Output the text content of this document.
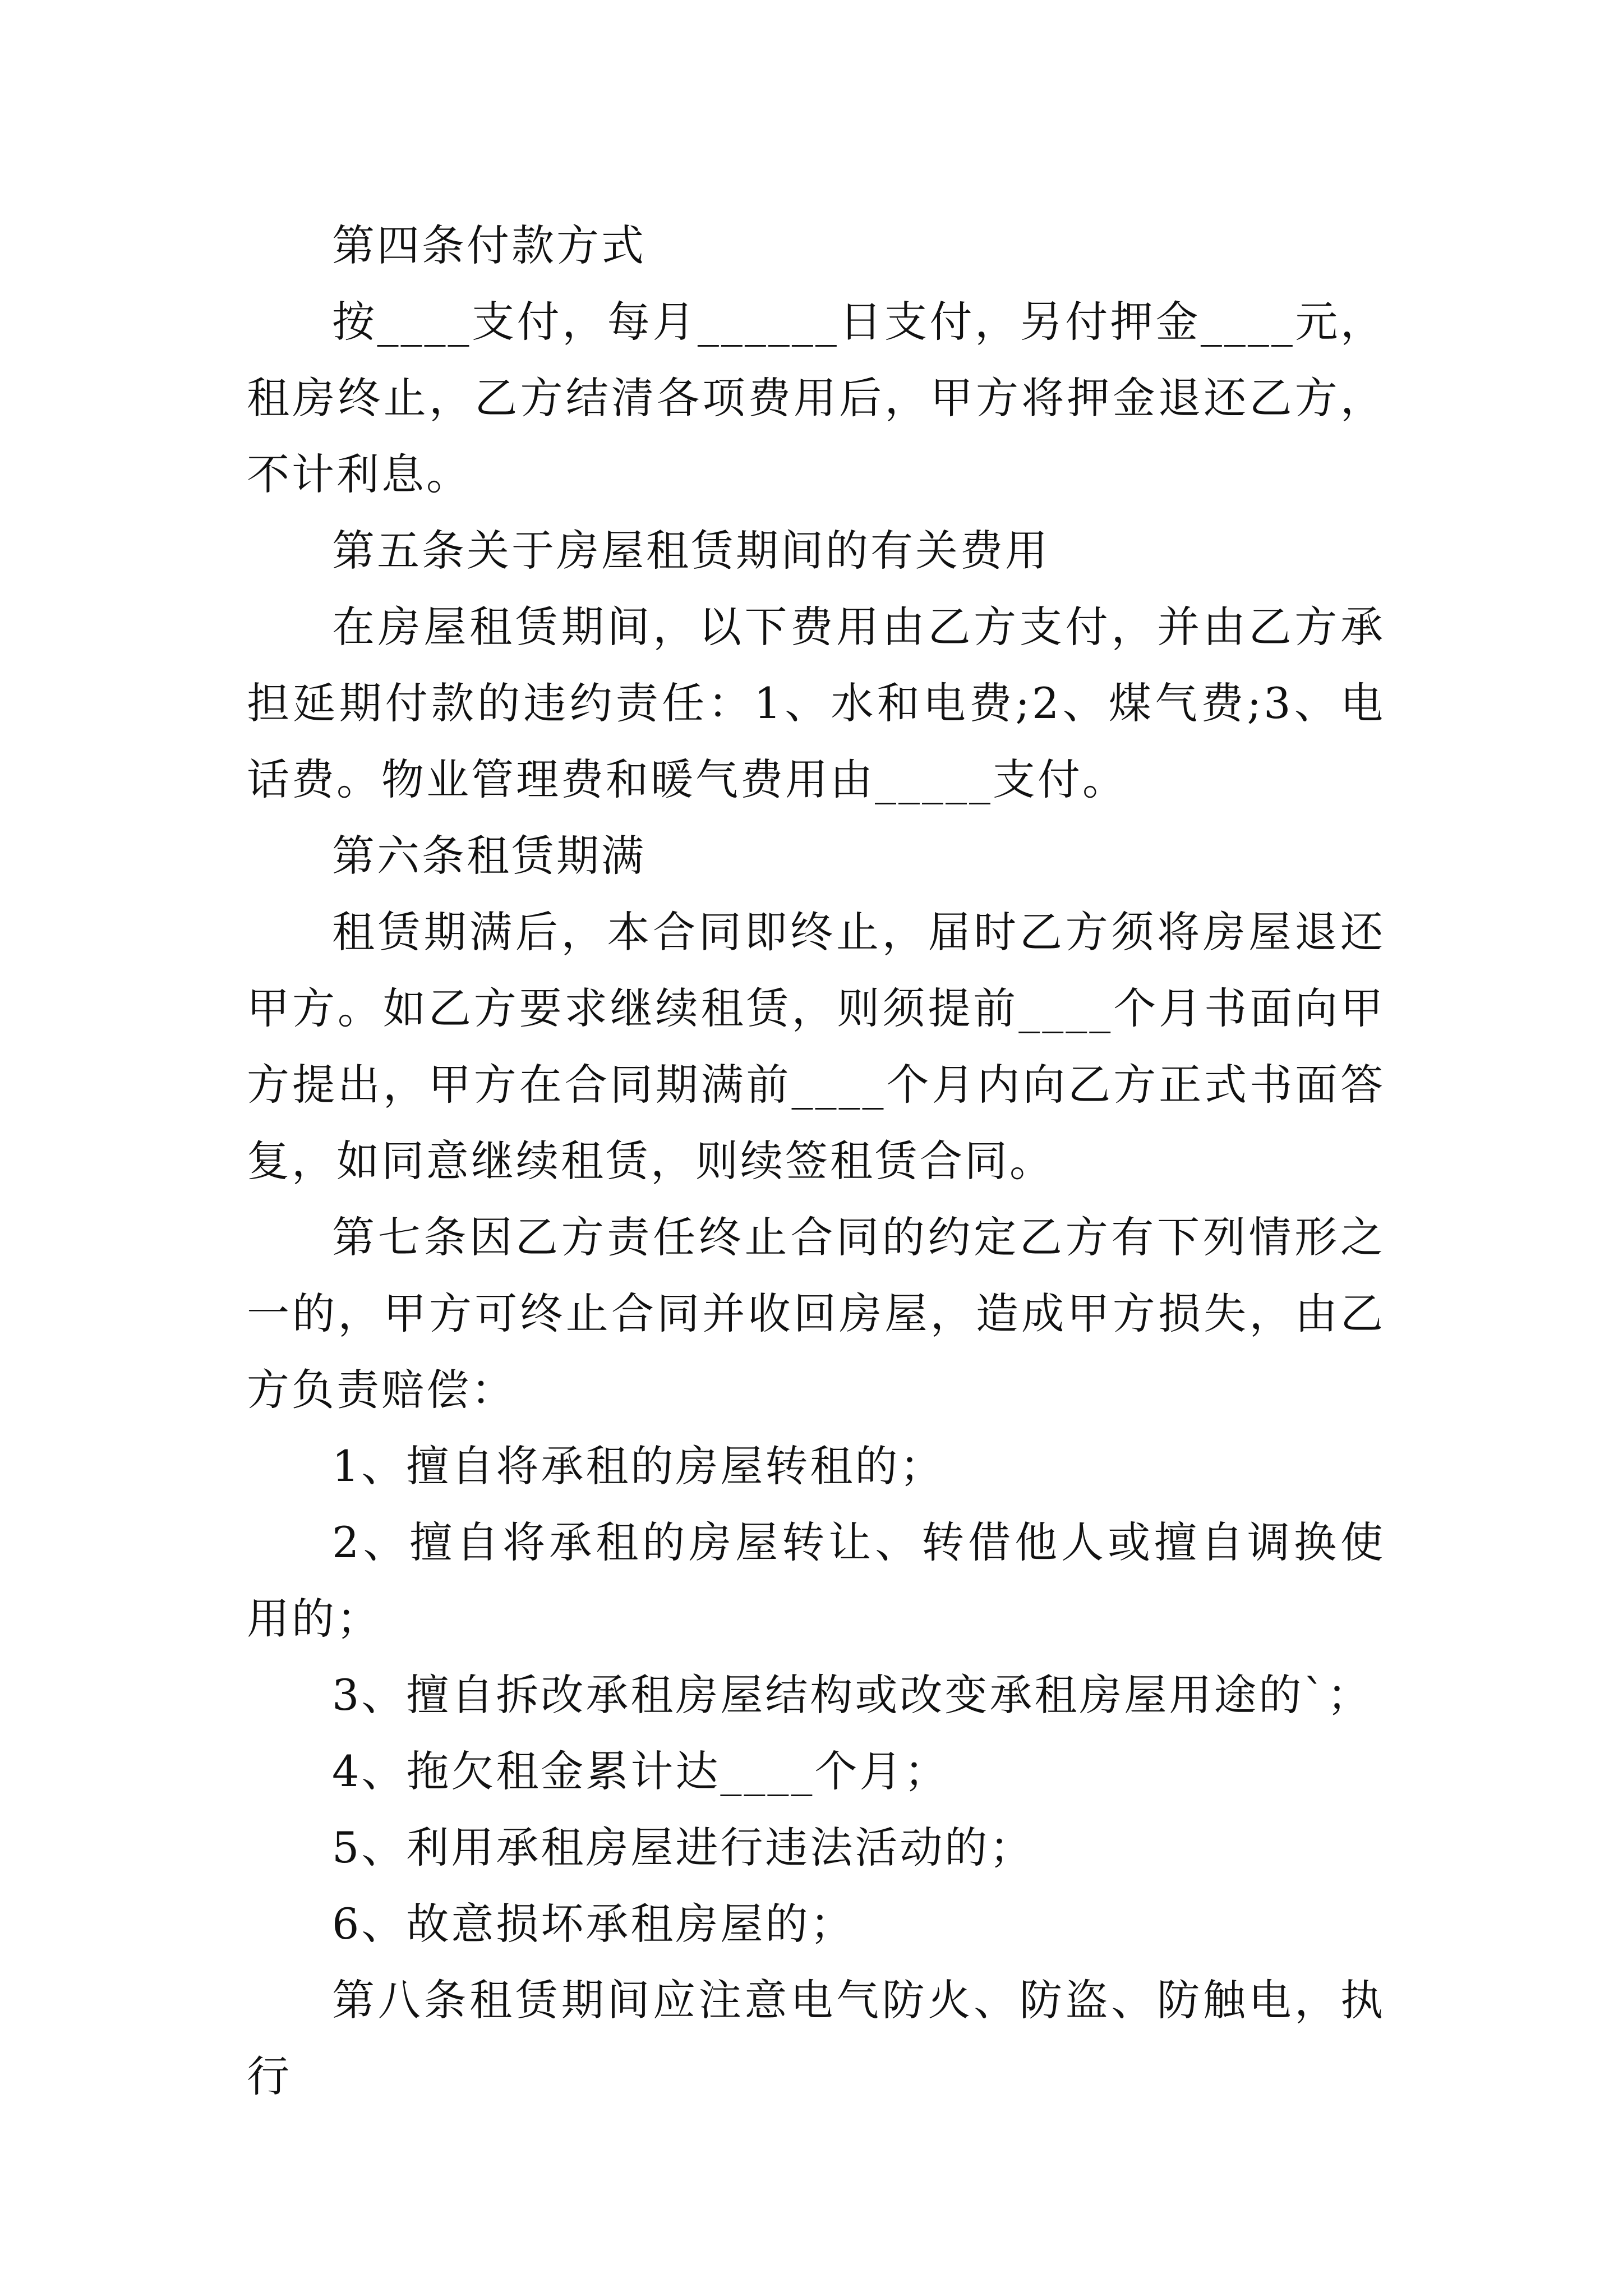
第四条付款方式

按____支付，每月______日支付，另付押金____元，租房终止，乙方结清各项费用后，甲方将押金退还乙方，不计利息。

第五条关于房屋租赁期间的有关费用

在房屋租赁期间，以下费用由乙方支付，并由乙方承担延期付款的违约责任：1、水和电费;2、煤气费;3、电话费。物业管理费和暖气费用由_____支付。

第六条租赁期满

租赁期满后，本合同即终止，届时乙方须将房屋退还甲方。如乙方要求继续租赁，则须提前____个月书面向甲方提出，甲方在合同期满前____个月内向乙方正式书面答复，如同意继续租赁，则续签租赁合同。

第七条因乙方责任终止合同的约定乙方有下列情形之一的，甲方可终止合同并收回房屋，造成甲方损失，由乙方负责赔偿：

1、擅自将承租的房屋转租的；

2、擅自将承租的房屋转让、转借他人或擅自调换使用的；

3、擅自拆改承租房屋结构或改变承租房屋用途的`；

4、拖欠租金累计达____个月；

5、利用承租房屋进行违法活动的；

6、故意损坏承租房屋的；

第八条租赁期间应注意电气防火、防盗、防触电，执行
